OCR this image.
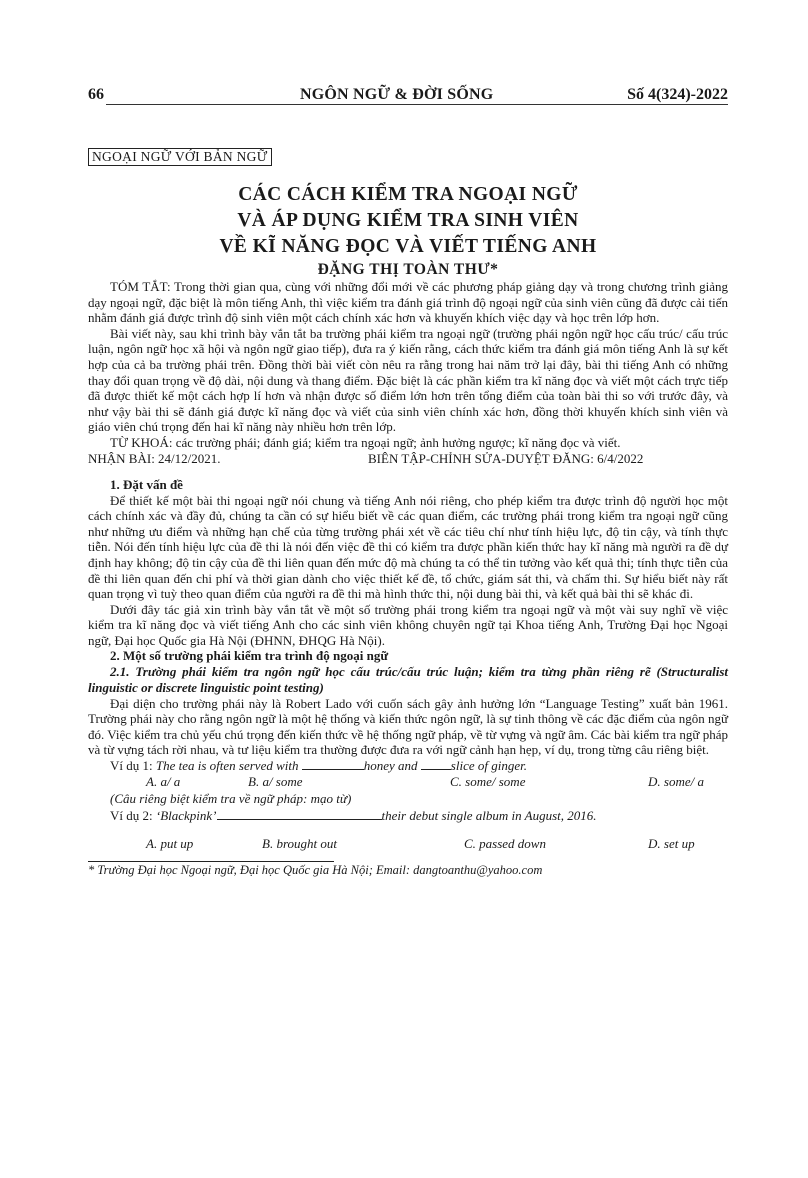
66	NGÔN NGỮ & ĐỜI SỐNG	Số 4(324)-2022
NGOẠI NGỮ VỚI BẢN NGỮ
CÁC CÁCH KIỂM TRA NGOẠI NGỮ
VÀ ÁP DỤNG KIỂM TRA SINH VIÊN
VỀ KĨ NĂNG ĐỌC VÀ VIẾT TIẾNG ANH
ĐẶNG THỊ TOÀN THƯ*

TÓM TẮT: Trong thời gian qua, cùng với những đổi mới về các phương pháp giảng dạy và trong chương trình giảng dạy ngoại ngữ, đặc biệt là môn tiếng Anh, thì việc kiểm tra đánh giá trình độ ngoại ngữ của sinh viên cũng đã được cải tiến nhằm đánh giá được trình độ sinh viên một cách chính xác hơn và khuyến khích việc dạy và học trên lớp hơn.

Bài viết này, sau khi trình bày vắn tắt ba trường phái kiểm tra ngoại ngữ (trường phái ngôn ngữ học cấu trúc/ cấu trúc luận, ngôn ngữ học xã hội và ngôn ngữ giao tiếp), đưa ra ý kiến rằng, cách thức kiểm tra đánh giá môn tiếng Anh là sự kết hợp của cả ba trường phái trên. Đồng thời bài viết còn nêu ra rằng trong hai năm trở lại đây, bài thi tiếng Anh có những thay đổi quan trọng về độ dài, nội dung và thang điểm. Đặc biệt là các phần kiểm tra kĩ năng đọc và viết một cách trực tiếp đã được thiết kế một cách hợp lí hơn và nhận được số điểm lớn hơn trên tổng điểm của toàn bài thi so với trước đây, và như vậy bài thi sẽ đánh giá được kĩ năng đọc và viết của sinh viên chính xác hơn, đồng thời khuyến khích sinh viên và giáo viên chú trọng đến hai kĩ năng này nhiều hơn trên lớp.

TỪ KHOÁ: các trường phái; đánh giá; kiểm tra ngoại ngữ; ảnh hưởng ngược; kĩ năng đọc và viết.

NHẬN BÀI: 24/12/2021.	BIÊN TẬP-CHỈNH SỬA-DUYỆT ĐĂNG: 6/4/2022
1. Đặt vấn đề

Để thiết kế một bài thi ngoại ngữ nói chung và tiếng Anh nói riêng, cho phép kiểm tra được trình độ người học một cách chính xác và đầy đủ, chúng ta cần có sự hiểu biết về các quan điểm, các trường phái trong kiểm tra ngoại ngữ cũng như những ưu điểm và những hạn chế của từng trường phái xét về các tiêu chí như tính hiệu lực, độ tin cậy, và tính thực tiễn. Nói đến tính hiệu lực của đề thi là nói đến việc đề thi có kiểm tra được phần kiến thức hay kĩ năng mà người ra đề dự định hay không; độ tin cậy của đề thi liên quan đến mức độ mà chúng ta có thể tin tưởng vào kết quả thi; tính thực tiễn của đề thi liên quan đến chi phí và thời gian dành cho việc thiết kế đề, tổ chức, giám sát thi, và chấm thi. Sự hiểu biết này rất quan trọng vì tuỳ theo quan điểm của người ra đề thi mà hình thức thi, nội dung bài thi, và kết quả bài thi sẽ khác đi.

Dưới đây tác giả xin trình bày vắn tắt về một số trường phái trong kiểm tra ngoại ngữ và một vài suy nghĩ về việc kiểm tra kĩ năng đọc và viết tiếng Anh cho các sinh viên không chuyên ngữ tại Khoa tiếng Anh, Trường Đại học Ngoại ngữ, Đại học Quốc gia Hà Nội (ĐHNN, ĐHQG Hà Nội).

2. Một số trường phái kiểm tra trình độ ngoại ngữ

2.1. Trường phái kiểm tra ngôn ngữ học cấu trúc/cấu trúc luận; kiểm tra từng phần riêng rẽ (Structuralist linguistic or discrete linguistic point testing)

Đại diện cho trường phái này là Robert Lado với cuốn sách gây ảnh hưởng lớn “Language Testing” xuất bản 1961. Trường phái này cho rằng ngôn ngữ là một hệ thống và kiến thức ngôn ngữ, là sự tinh thông về các đặc điểm của ngôn ngữ đó. Việc kiểm tra chủ yếu chú trọng đến kiến thức về hệ thống ngữ pháp, về từ vựng và ngữ âm. Các bài kiểm tra ngữ pháp và từ vựng tách rời nhau, và tư liệu kiểm tra thường được đưa ra với ngữ cảnh hạn hẹp, ví dụ, trong từng câu riêng biệt.

Ví dụ 1: The tea is often served with	honey and slice of ginger.
A. a/ a	B. a/ some	C. some/ some	D. some/ a
(Câu riêng biệt kiểm tra về ngữ pháp: mạo từ)
Ví dụ 2: ‘Blackpink’	their debut single album in August, 2016.
A. put up	B. brought out	C. passed down	D. set up
* Trường Đại học Ngoại ngữ, Đại học Quốc gia Hà Nội; Email: dangtoanthu@yahoo.com
